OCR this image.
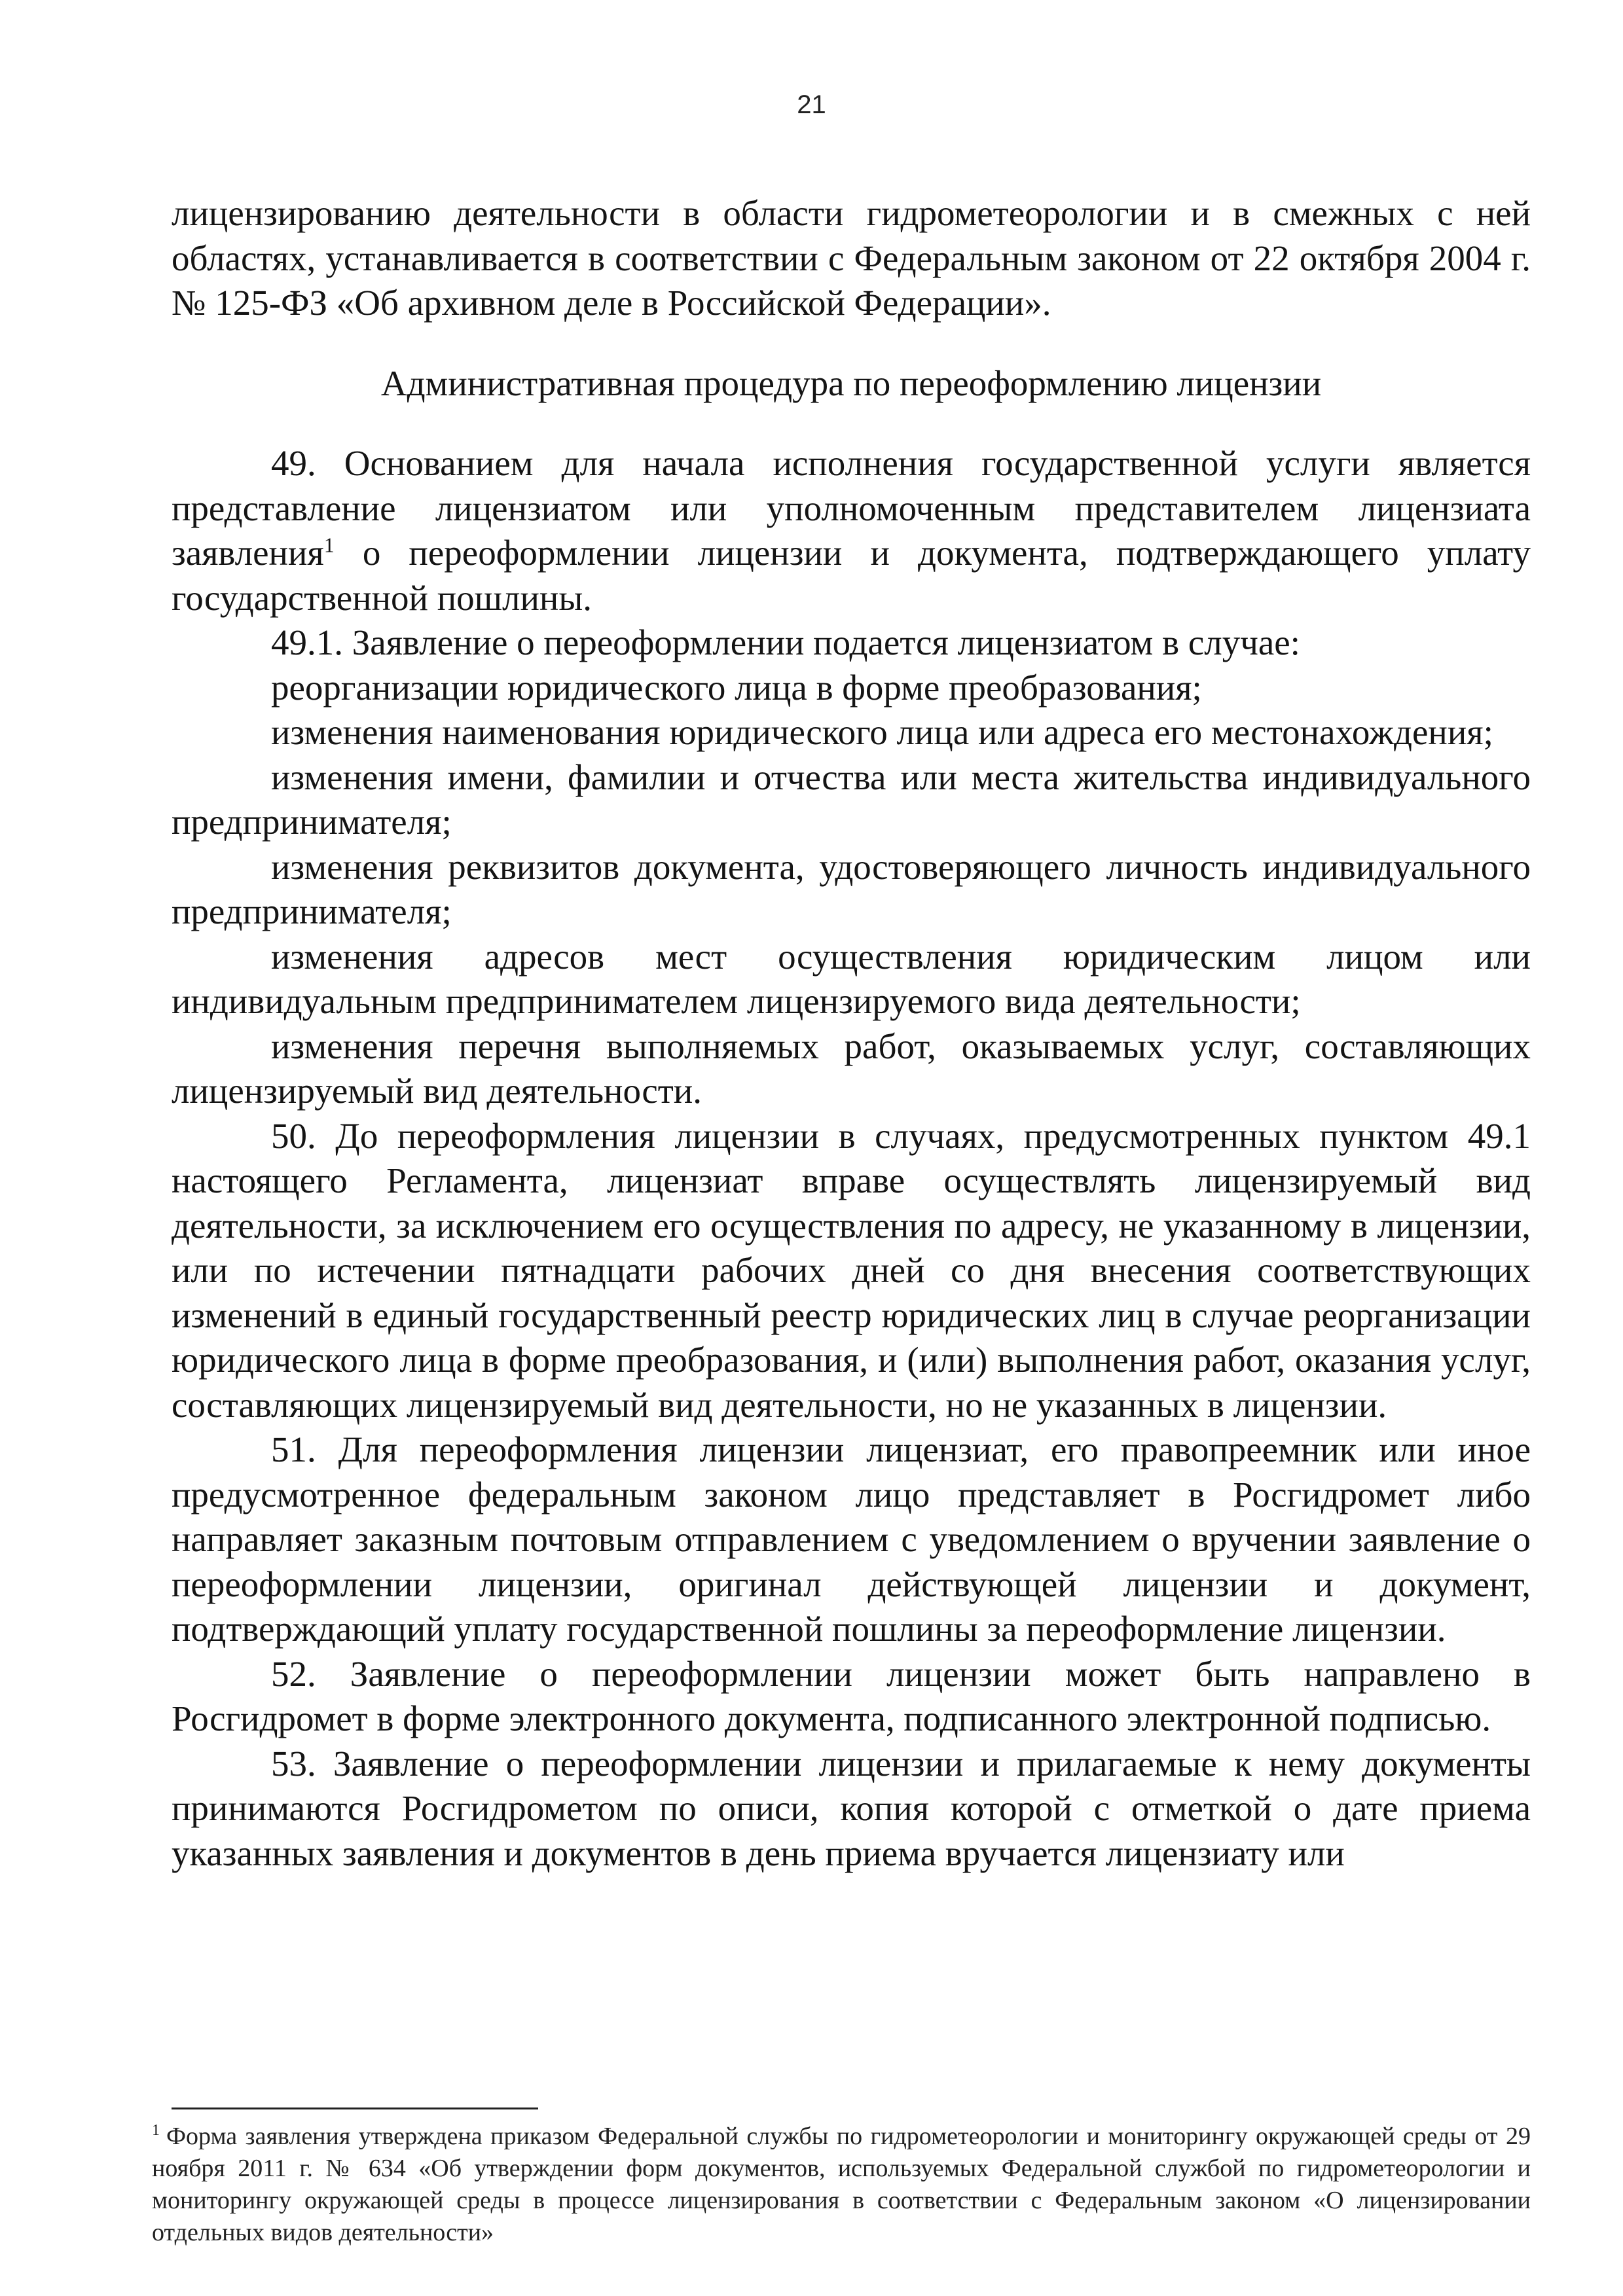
21

лицензированию деятельности в области гидрометеорологии и в смежных с ней областях, устанавливается в соответствии с Федеральным законом от 22 октября 2004 г. № 125-ФЗ «Об архивном деле в Российской Федерации».

Административная процедура по переоформлению лицензии

49. Основанием для начала исполнения государственной услуги является представление лицензиатом или уполномоченным представителем лицензиата заявления$^1$ о переоформлении лицензии и документа, подтверждающего уплату государственной пошлины.

49.1. Заявление о переоформлении подается лицензиатом в случае:

реорганизации юридического лица в форме преобразования;

изменения наименования юридического лица или адреса его местонахождения;

изменения имени, фамилии и отчества или места жительства индивидуального предпринимателя;

изменения реквизитов документа, удостоверяющего личность индивидуального предпринимателя;

изменения адресов мест осуществления юридическим лицом или индивидуальным предпринимателем лицензируемого вида деятельности;

изменения перечня выполняемых работ, оказываемых услуг, составляющих лицензируемый вид деятельности.

50. До переоформления лицензии в случаях, предусмотренных пунктом 49.1 настоящего Регламента, лицензиат вправе осуществлять лицензируемый вид деятельности, за исключением его осуществления по адресу, не указанному в лицензии, или по истечении пятнадцати рабочих дней со дня внесения соответствующих изменений в единый государственный реестр юридических лиц в случае реорганизации юридического лица в форме преобразования, и (или) выполнения работ, оказания услуг, составляющих лицензируемый вид деятельности, но не указанных в лицензии.

51. Для переоформления лицензии лицензиат, его правопреемник или иное предусмотренное федеральным законом лицо представляет в Росгидромет либо направляет заказным почтовым отправлением с уведомлением о вручении заявление о переоформлении лицензии, оригинал действующей лицензии и документ, подтверждающий уплату государственной пошлины за переоформление лицензии.

52. Заявление о переоформлении лицензии может быть направлено в Росгидромет в форме электронного документа, подписанного электронной подписью.

53. Заявление о переоформлении лицензии и прилагаемые к нему документы принимаются Росгидрометом по описи, копия которой с отметкой о дате приема указанных заявления и документов в день приема вручается лицензиату или

$^1$ Форма заявления утверждена приказом Федеральной службы по гидрометеорологии и мониторингу окружающей среды от 29 ноября 2011 г. № 634 «Об утверждении форм документов, используемых Федеральной службой по гидрометеорологии и мониторингу окружающей среды в процессе лицензирования в соответствии с Федеральным законом «О лицензировании отдельных видов деятельности»
